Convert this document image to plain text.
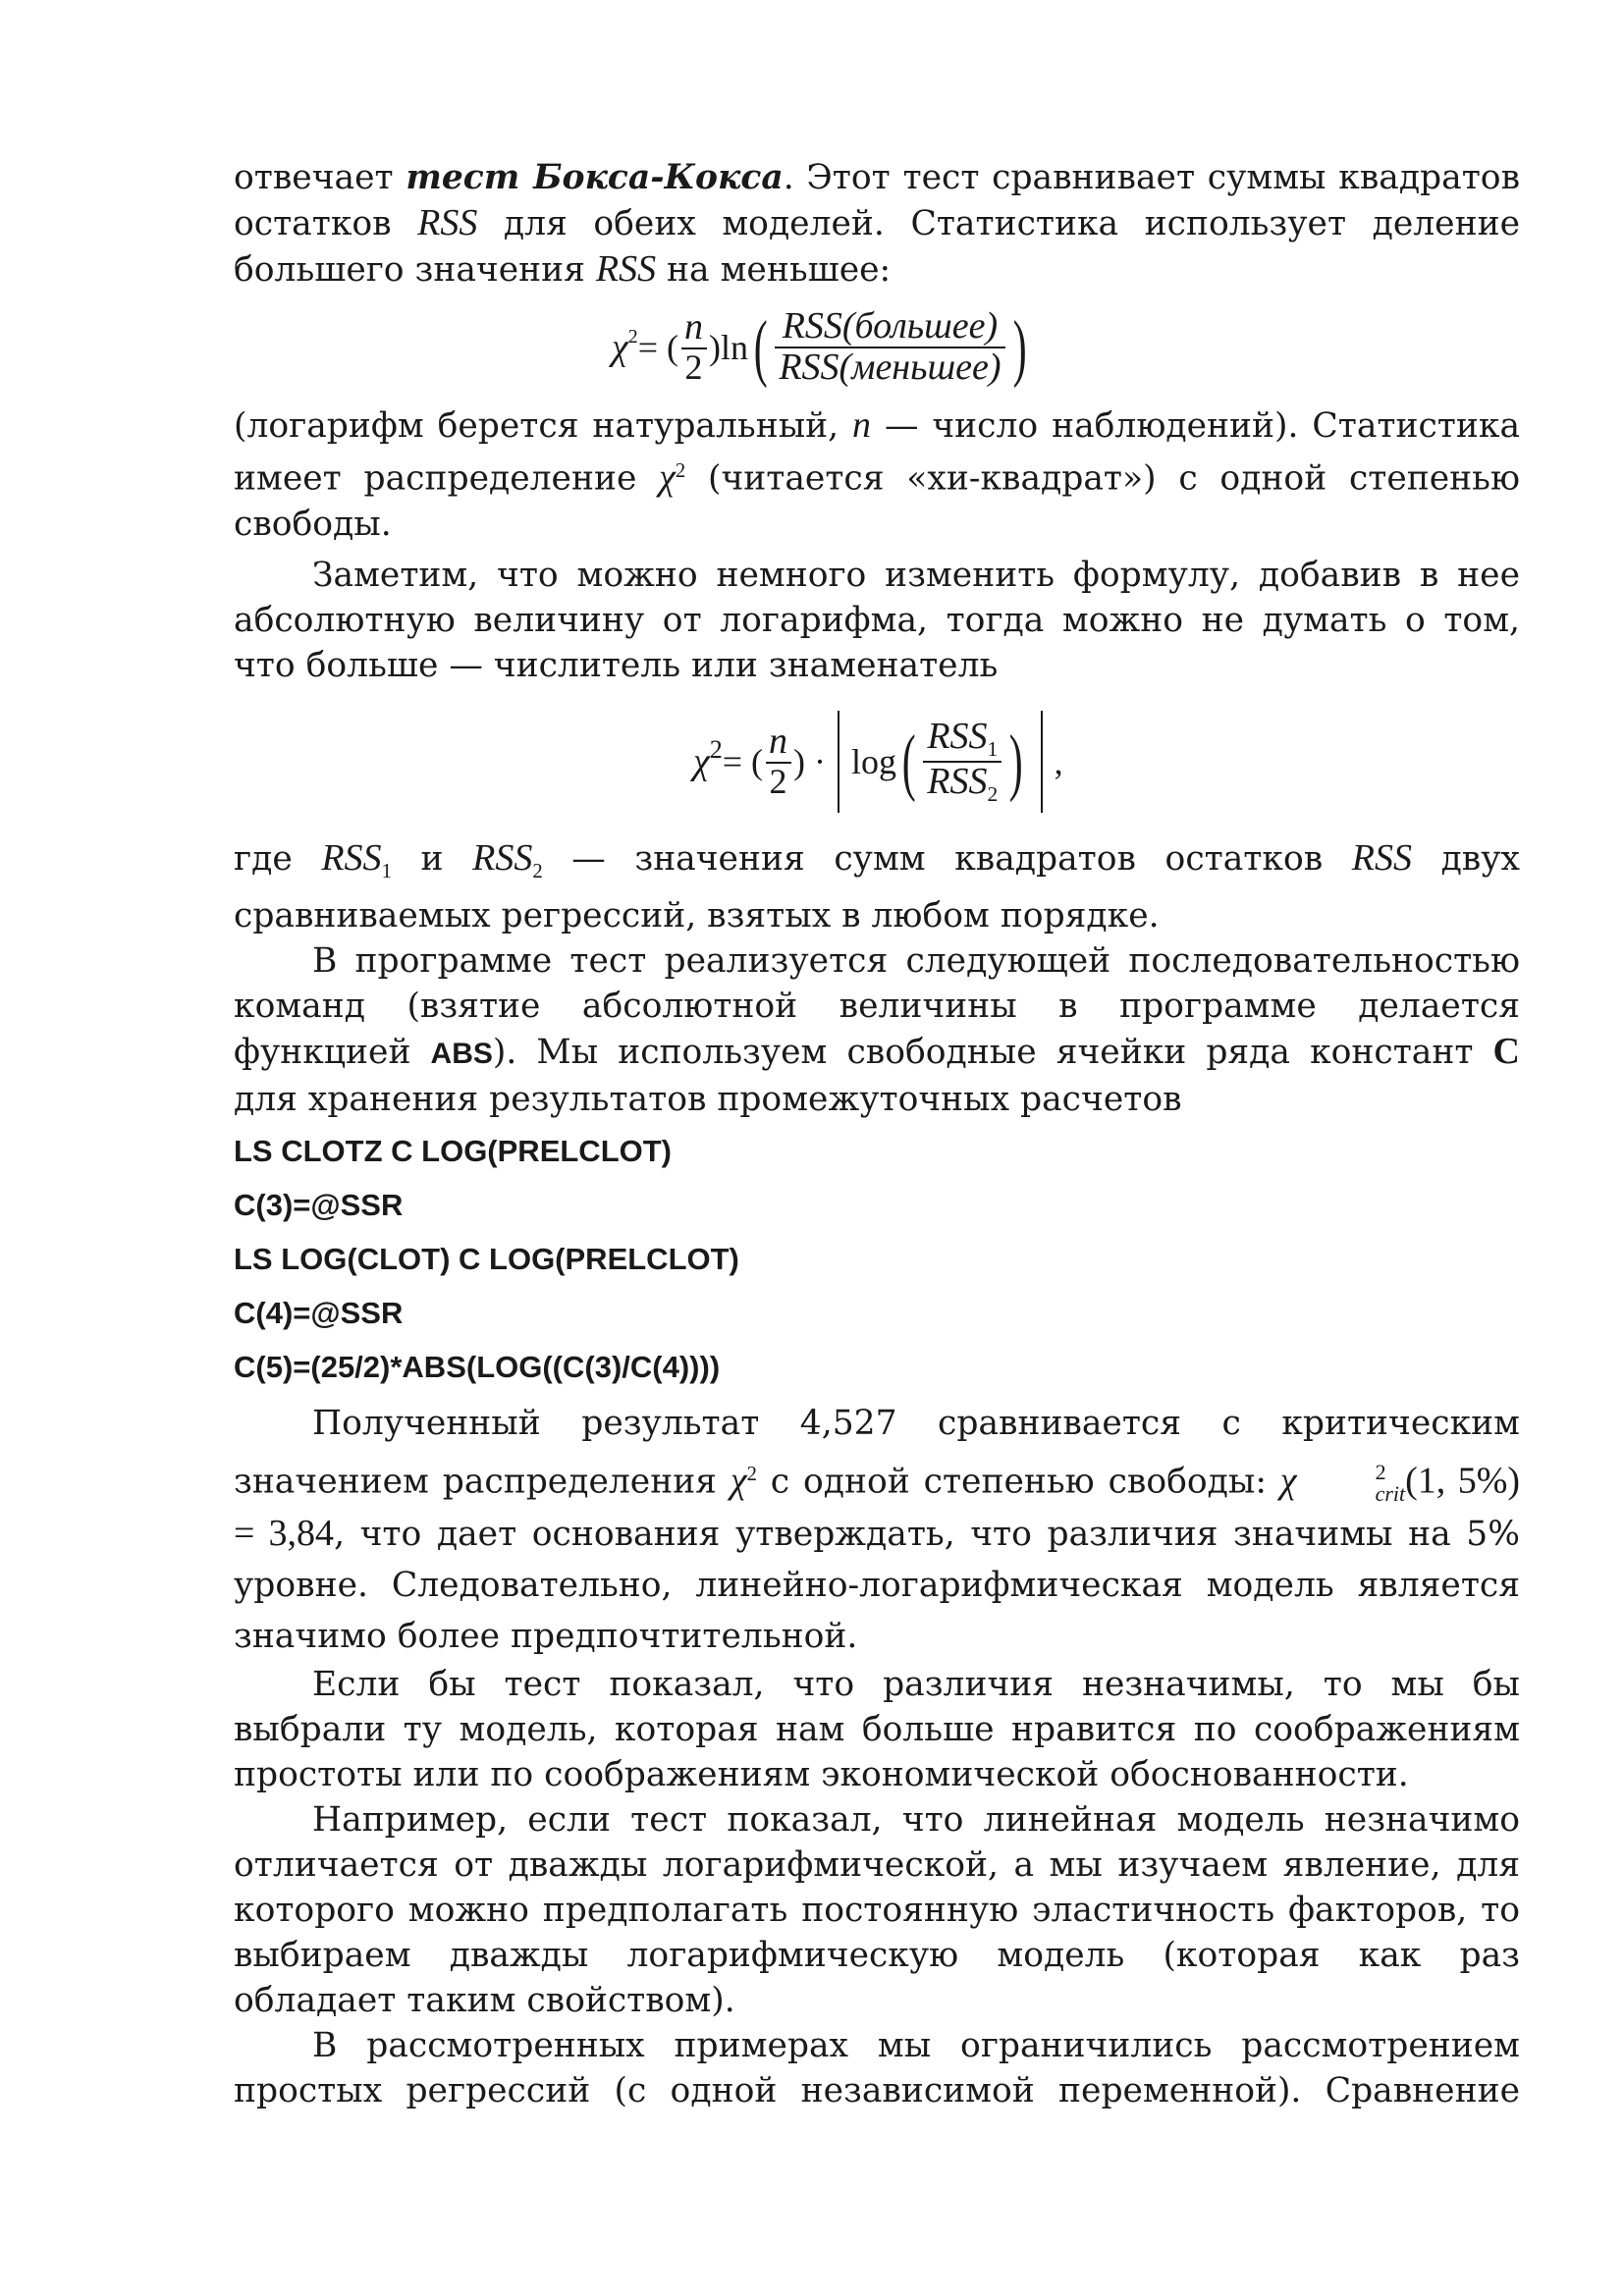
отвечает тест Бокса-Кокса. Этот тест сравнивает суммы квадратов остатков RSS для обеих моделей. Статистика использует деление большего значения RSS на меньшее:

$\chi^2$ = ( $\frac{n}{2} )\ln$ ( $\frac{\text{RSS(большее)}}{\text{RSS(меньшее)}}$ )

(логарифм берется натуральный, n — число наблюдений). Статистика имеет распределение $\chi^2$ (читается «хи-квадрат») с одной степенью свободы.

Заметим, что можно немного изменить формулу, добавив в нее абсолютную величину от логарифма, тогда можно не думать о том, что больше — числитель или знаменатель

$\chi^2$ = ( $\frac{n}{2}$ ) · log ( $\frac{RSS_1}{RSS_2}$ ) ,

где $RSS_1$ и $RSS_2$ — значения сумм квадратов остатков RSS двух сравниваемых регрессий, взятых в любом порядке.

В программе тест реализуется следующей последовательностью команд (взятие абсолютной величины в программе делается функцией ABS). Мы используем свободные ячейки ряда констант C для хранения результатов промежуточных расчетов

LS CLOTZ C LOG(PRELCLOT)

C(3)=@SSR

LS LOG(CLOT) C LOG(PRELCLOT)

C(4)=@SSR

C(5)=(25/2)*ABS(LOG((C(3)/C(4))))

Полученный результат 4,527 сравнивается с критическим значением распределения $\chi^2$ с одной степенью свободы: χ	2
crit (1, 5%) = 3,84, что дает основания утверждать, что различия значимы на 5% уровне. Следовательно, линейно-логарифмическая модель является значимо более предпочтительной.

Если бы тест показал, что различия незначимы, то мы бы выбрали ту модель, которая нам больше нравится по соображениям простоты или по соображениям экономической обоснованности.

Например, если тест показал, что линейная модель незначимо отличается от дважды логарифмической, а мы изучаем явление, для которого можно предполагать постоянную эластичность факторов, то выбираем дважды логарифмическую модель (которая как раз обладает таким свойством).

В рассмотренных примерах мы ограничились рассмотрением простых регрессий (с одной независимой переменной). Сравнение
